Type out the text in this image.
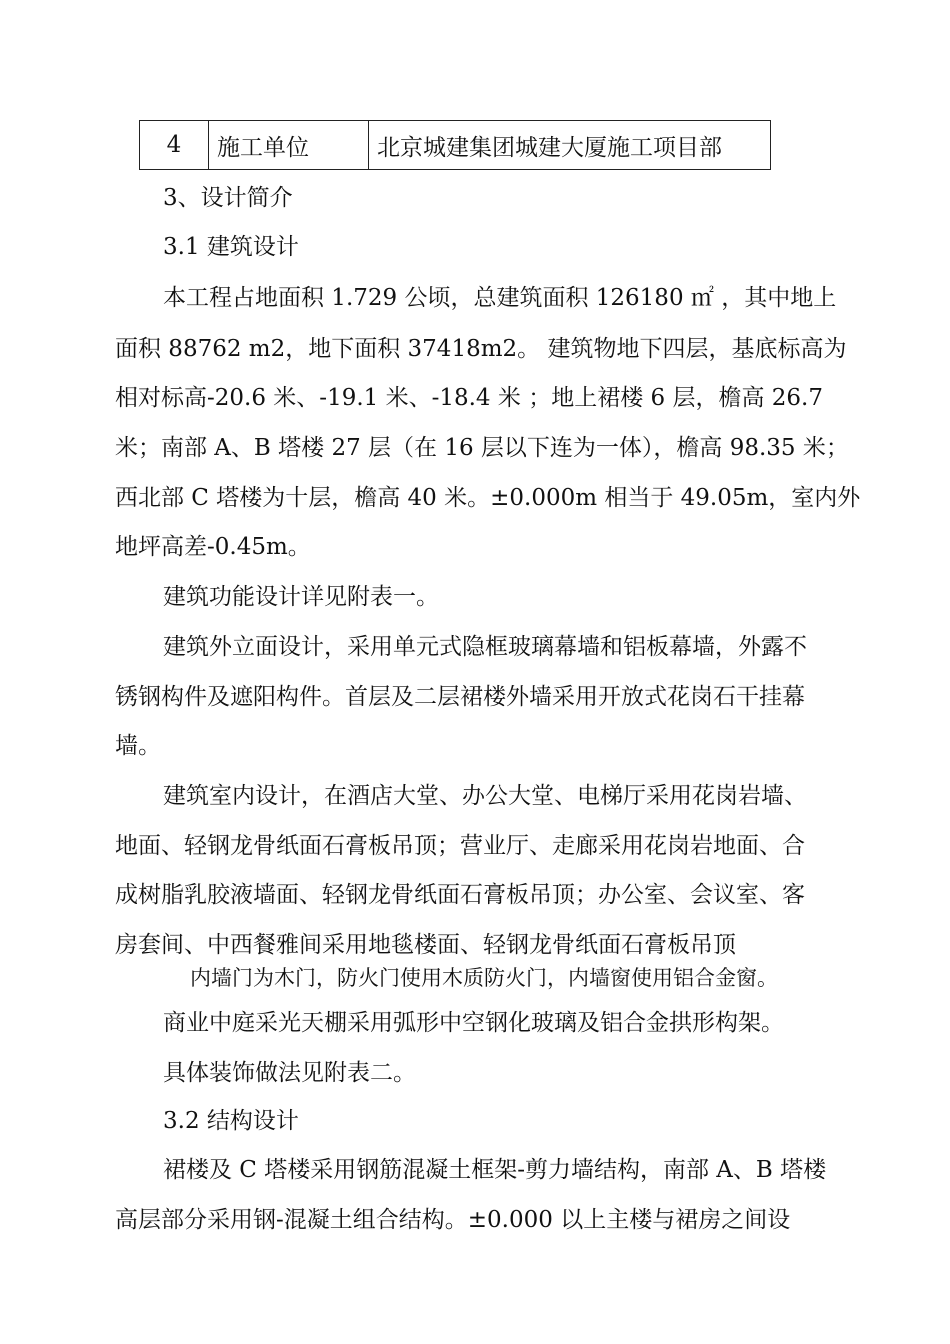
4	施工单位	北京城建集团城建大厦施工项目部
3、设计简介
3.1 建筑设计
本工程占地面积 1.729 公顷，总建筑面积 126180 ㎡ ，其中地上
面积 88762 m2，地下面积 37418m2。 建筑物地下四层，基底标高为
相对标高-20.6 米、-19.1 米、-18.4 米 ；地上裙楼 6 层，檐高 26.7
米；南部 A、B 塔楼 27 层（在 16 层以下连为一体），檐高 98.35 米；
西北部 C 塔楼为十层，檐高 40 米。±0.000m 相当于 49.05m，室内外
地坪高差-0.45m。
建筑功能设计详见附表一。
建筑外立面设计，采用单元式隐框玻璃幕墙和铝板幕墙，外露不
锈钢构件及遮阳构件。首层及二层裙楼外墙采用开放式花岗石干挂幕
墙。
建筑室内设计，在酒店大堂、办公大堂、电梯厅采用花岗岩墙、
地面、轻钢龙骨纸面石膏板吊顶；营业厅、走廊采用花岗岩地面、合
成树脂乳胶液墙面、轻钢龙骨纸面石膏板吊顶；办公室、会议室、客
房套间、中西餐雅间采用地毯楼面、轻钢龙骨纸面石膏板吊顶
内墙门为木门，防火门使用木质防火门，内墙窗使用铝合金窗。
商业中庭采光天棚采用弧形中空钢化玻璃及铝合金拱形构架。
具体装饰做法见附表二。
3.2 结构设计
裙楼及 C 塔楼采用钢筋混凝土框架-剪力墙结构，南部 A、B 塔楼
高层部分采用钢-混凝土组合结构。±0.000 以上主楼与裙房之间设
